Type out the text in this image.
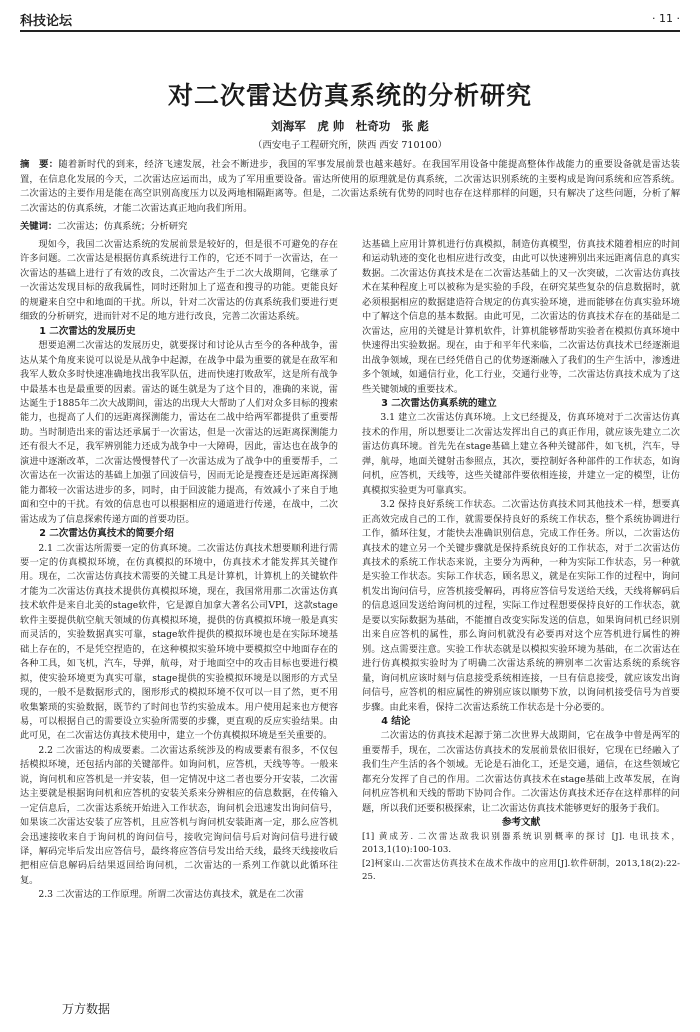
科技论坛	· 11 ·
对二次雷达仿真系统的分析研究
刘海军　虎 帅　杜奇功　张 彪
（西安电子工程研究所，陕西 西安 710100）
摘　要：随着新时代的到来，经济飞速发展，社会不断进步，我国的军事发展前景也越来越好。在我国军用设备中能提高整体作战能力的重要设备就是雷达装置，在信息化发展的今天，二次雷达应运而出，成为了军用重要设备。雷达所使用的原理就是仿真系统，二次雷达识别系统的主要构成是询问系统和应答系统。二次雷达的主要作用是能在高空识别高度压力以及两地相隔距离等。但是，二次雷达系统有优势的同时也存在这样那样的问题，只有解决了这些问题，分析了解二次雷达的仿真系统，才能二次雷达真正地向我们所用。
关键词：二次雷达；仿真系统；分析研究

现如今，我国二次雷达系统的发展前景是较好的，但是很不可避免的存在许多问题。二次雷达是根据仿真系统进行工作的，它还不同于一次雷达，在一次雷达的基础上进行了有效的改良，二次雷达产生于二次大战期间，它继承了一次雷达发现目标的敌我属性，同时还附加上了巡查和搜寻的功能。更能良好的规避来自空中和地面的干扰。所以，针对二次雷达的仿真系统我们要进行更细致的分析研究，进而针对不足的地方进行改良，完善二次雷达系统。

1 二次雷达的发展历史

想要追溯二次雷达的发展历史，就要探讨和讨论从古至今的各种战争，雷达从某个角度来说可以说是从战争中起源，在战争中最为重要的就是在敌军和我军人数众多时快速准确地找出我军队伍，进而快速打败敌军，这是所有战争中最基本也是最重要的因素。雷达的诞生就是为了这个目的，准确的来说，雷达诞生于1885年二次大战期间，雷达的出现大大帮助了人们对众多目标的搜索能力，也提高了人们的远距离探测能力，雷达在二战中给两军都提供了重要帮助。当时制造出来的雷达还承属于一次雷达，但是一次雷达的远距离探测能力还有很大不足，我军辨别能力还成为战争中一大障碍，因此，雷达也在战争的演进中逐渐改革，二次雷达慢慢替代了一次雷达成为了战争中的重要帮手，二次雷达在一次雷达的基础上加强了回波信号，因而无论是搜查还是远距离探测能力都较一次雷达进步的多，同时，由于回波能力提高，有效减小了来自于地面和空中的干扰。有效的信息也可以根据相应的通道进行传递，在战中，二次雷达成为了信息探索传递方面的首要功臣。

2 二次雷达仿真技术的简要介绍

2.1 二次雷达所需要一定的仿真环境。二次雷达仿真技术想要顺利进行需要一定的仿真模拟环境，在仿真模拟的环境中，仿真技术才能发挥其关键作用。现在，二次雷达仿真技术需要的关键工具是计算机，计算机上的关键软件才能为二次雷达仿真技术提供仿真模拟环境，现在，我国常用那二次雷达仿真技术软件是来自北美的stage软件，它是源自加拿大著名公司VPI，这款stage软件主要提供航空航天领域的仿真模拟环境，提供的仿真模拟环境一般是真实而灵活的，实验数据真实可靠，stage软件提供的模拟环境也是在实际环境基础上存在的，不是凭空捏造的，在这种模拟实验环境中要模拟空中地面存在的各种工具，如飞机，汽车，导弹，航母，对于地面空中的攻击目标也要进行模拟，使实验环境更为真实可靠，stage提供的实验模拟环境是以图形的方式呈现的，一般不是数据形式的，图形形式的模拟环境不仅可以一目了然，更不用收集繁琐的实验数据，既节约了时间也节约实验成本。用户使用起来也方便容易，可以根据自己的需要设立实验所需要的步骤，更直观的反应实验结果。由此可见，在二次雷达仿真技术使用中，建立一个仿真模拟环境是至关重要的。

2.2 二次雷达的构成要素。二次雷达系统涉及的构成要素有很多，不仅包括模拟环境，还包括内部的关键部件。如询问机，应答机，天线等等。一般来说，询问机和应答机是一并安装，但一定情况中这二者也要分开安装，二次雷达主要就是根据询问机和应答机的安装关系来分辨相应的信息数据，在传输入一定信息后，二次雷达系统开始进入工作状态，询问机会迅速发出询问信号，如果该二次雷达安装了应答机，且应答机与询问机安装距离一定，那么应答机会迅速接收来自于询问机的询问信号，接收完询问信号后对询问信号进行破译，解码完毕后发出应答信号，最终将应答信号发出给天线，最终天线接收后把相应信息解码后结果返回给询问机，二次雷达的一系列工作就以此循环往复。

2.3 二次雷达的工作原理。所谓二次雷达仿真技术，就是在二次雷

达基础上应用计算机进行仿真模拟，制造仿真模型，仿真技术随着相应的时间和运动轨迹的变化也相应进行改变，由此可以快速辨别出来远距离信息的真实数据。二次雷达仿真技术是在二次雷达基础上的又一次突破，二次雷达仿真技术在某种程度上可以被称为是实验的手段，在研究某些复杂的信息数据时，就必须根据相应的数据建造符合规定的仿真实验环境，进而能够在仿真实验环境中了解这个信息的基本数据。由此可见，二次雷达的仿真技术存在的基础是二次雷达，应用的关键是计算机软件，计算机能够帮助实验者在模拟仿真环境中快速得出实验数据。现在，由于和平年代来临，二次雷达仿真技术已经逐渐退出战争领域，现在已经凭借自己的优势逐渐融入了我们的生产生活中，渗透进多个领域，如通信行业，化工行业，交通行业等，二次雷达仿真技术成为了这些关键领域的重要技术。

3 二次雷达仿真系统的建立

3.1 建立二次雷达仿真环境。上文已经提及，仿真环境对于二次雷达仿真技术的作用，所以想要让二次雷达发挥出自己的真正作用，就应该先建立二次雷达仿真环境。首先先在stage基础上建立各种关键部件，如飞机，汽车，导弹，航母，地面关键射击参照点，其次，要控制好各种部件的工作状态，如询问机，应答机，天线等，这些关键部件要依相连接，并建立一定的模型，让仿真模拟实验更为可靠真实。

3.2 保持良好系统工作状态。二次雷达仿真技术同其他技术一样，想要真正高效完成自己的工作，就需要保持良好的系统工作状态，整个系统协调进行工作，循环往复，才能快去准确识别信息，完成工作任务。所以，二次雷达仿真技术的建立另一个关键步骤就是保持系统良好的工作状态，对于二次雷达仿真技术的系统工作状态来说，主要分为两种，一种为实际工作状态，另一种就是实验工作状态。实际工作状态，顾名思义，就是在实际工作的过程中，询问机发出询问信号，应答机接受解码，再将应答信号发送给天线，天线将解码后的信息返回发送给询问机的过程，实际工作过程想要保持良好的工作状态，就是要以实际数据为基础，不能擅自改变实际发送的信息，如果询问机已经识别出来自应答机的属性，那么询问机就没有必要再对这个应答机进行属性的辨别。这点需要注意。实验工作状态就是以模拟实验环境为基础，在二次雷达在进行仿真模拟实验时为了明确二次雷达系统的辨别率二次雷达系统的系统容量，询问机应该时刻与信息接受系统相连接，一旦有信息接受，就应该发出询问信号，应答机的相应属性的辨别应该以顺势下放，以询问机接受信号为首要步骤。由此来看，保持二次雷达系统工作状态是十分必要的。

4 结论

二次雷达的仿真技术起源于第二次世界大战期间，它在战争中曾是两军的重要帮手，现在，二次雷达仿真技术的发展前景依旧很好，它现在已经融入了我们生产生活的各个领域。无论是石油化工，还是交通，通信，在这些领域它都充分发挥了自己的作用。二次雷达仿真技术在stage基础上改革发展，在询问机应答机和天线的帮助下协同合作。二次雷达仿真技术还存在这样那样的问题，所以我们还要积极探索，让二次雷达仿真技术能够更好的服务于我们。

参考文献
[1] 黄成芳. 二次雷达敌我识别器系统识别概率的探讨 [J]. 电讯技术，2013,1(10):100-103.
[2]柯家山.二次雷达仿真技术在战术作战中的应用[J].软件研制，2013,18(2):22-25.
万方数据
